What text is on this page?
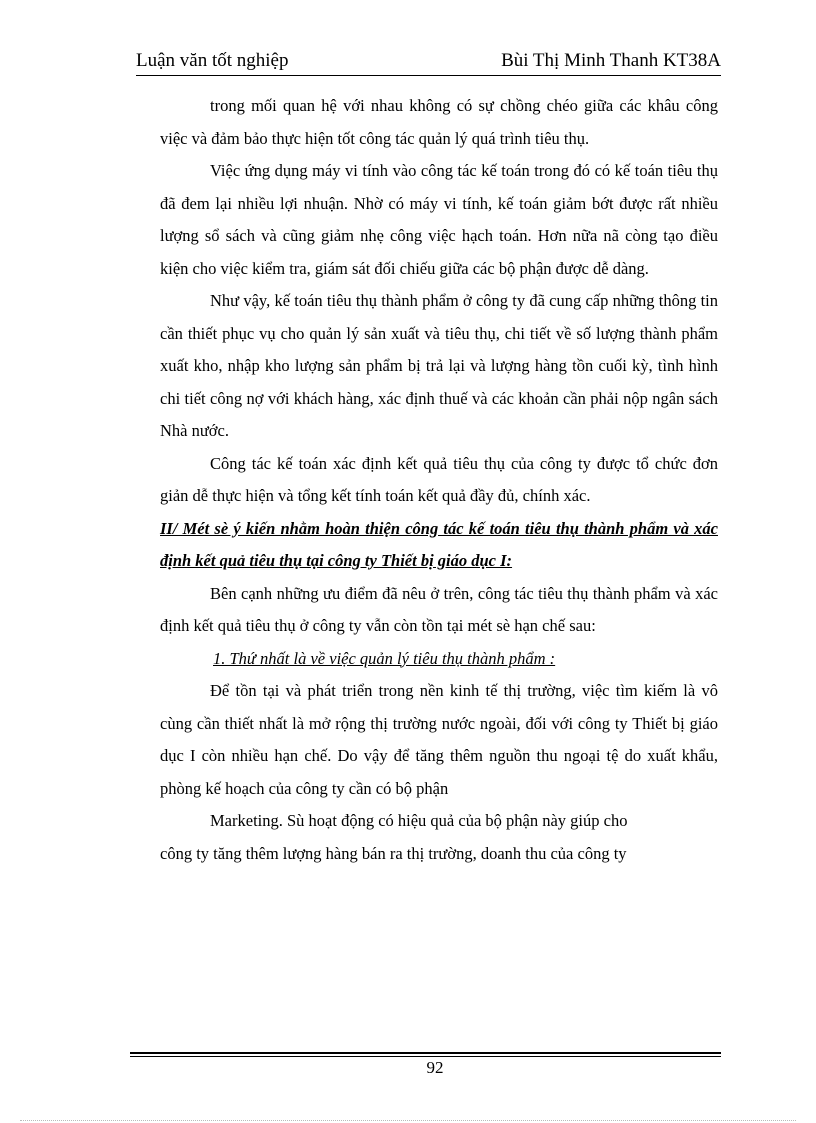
Luận văn tốt nghiệp	Bùi Thị Minh Thanh KT38A

trong mối quan hệ với nhau không có sự chồng chéo giữa các khâu công việc và đảm bảo thực hiện tốt công tác quản lý quá trình tiêu thụ.

Việc ứng dụng máy vi tính vào công tác kế toán trong đó có kế toán tiêu thụ đã đem lại nhiều lợi nhuận. Nhờ có máy vi tính, kế toán giảm bớt được rất nhiều lượng sổ sách và cũng giảm nhẹ công việc hạch toán. Hơn nữa nã còng tạo điều kiện cho việc kiểm tra, giám sát đối chiếu giữa các bộ phận được dễ dàng.

Như vậy, kế toán tiêu thụ thành phẩm ở công ty đã cung cấp những thông tin cần thiết phục vụ cho quản lý sản xuất và tiêu thụ, chi tiết về số lượng thành phẩm xuất kho, nhập kho lượng sản phẩm bị trả lại và lượng hàng tồn cuối kỳ, tình hình chi tiết công nợ với khách hàng, xác định thuế và các khoản cần phải nộp ngân sách Nhà nước.

Công tác kế toán xác định kết quả tiêu thụ của công ty được tổ chức đơn giản dễ thực hiện và tổng kết tính toán kết quả đầy đủ, chính xác.

II/ Mét sè ý kiến nhằm hoàn thiện công tác kế toán tiêu thụ thành phẩm và xác định kết quả tiêu thụ tại công ty Thiết bị giáo dục I:

Bên cạnh những ưu điểm đã nêu ở trên, công tác tiêu thụ thành phẩm và xác định kết quả tiêu thụ ở công ty vẫn còn tồn tại mét sè hạn chế sau:

1. Thứ nhất là về việc quản lý tiêu thụ thành phẩm :

Để tồn tại và phát triển trong nền kinh tế thị trường, việc tìm kiếm là vô cùng cần thiết nhất là mở rộng thị trường nước ngoài, đối với công ty Thiết bị giáo dục I còn nhiều hạn chế. Do vậy để tăng thêm nguồn thu ngoại tệ do xuất khẩu, phòng kế hoạch của công ty cần có bộ phận

Marketing. Sù hoạt động có hiệu quả của bộ phận này giúp cho

công ty tăng thêm lượng hàng bán ra thị trường, doanh thu của công ty

92
